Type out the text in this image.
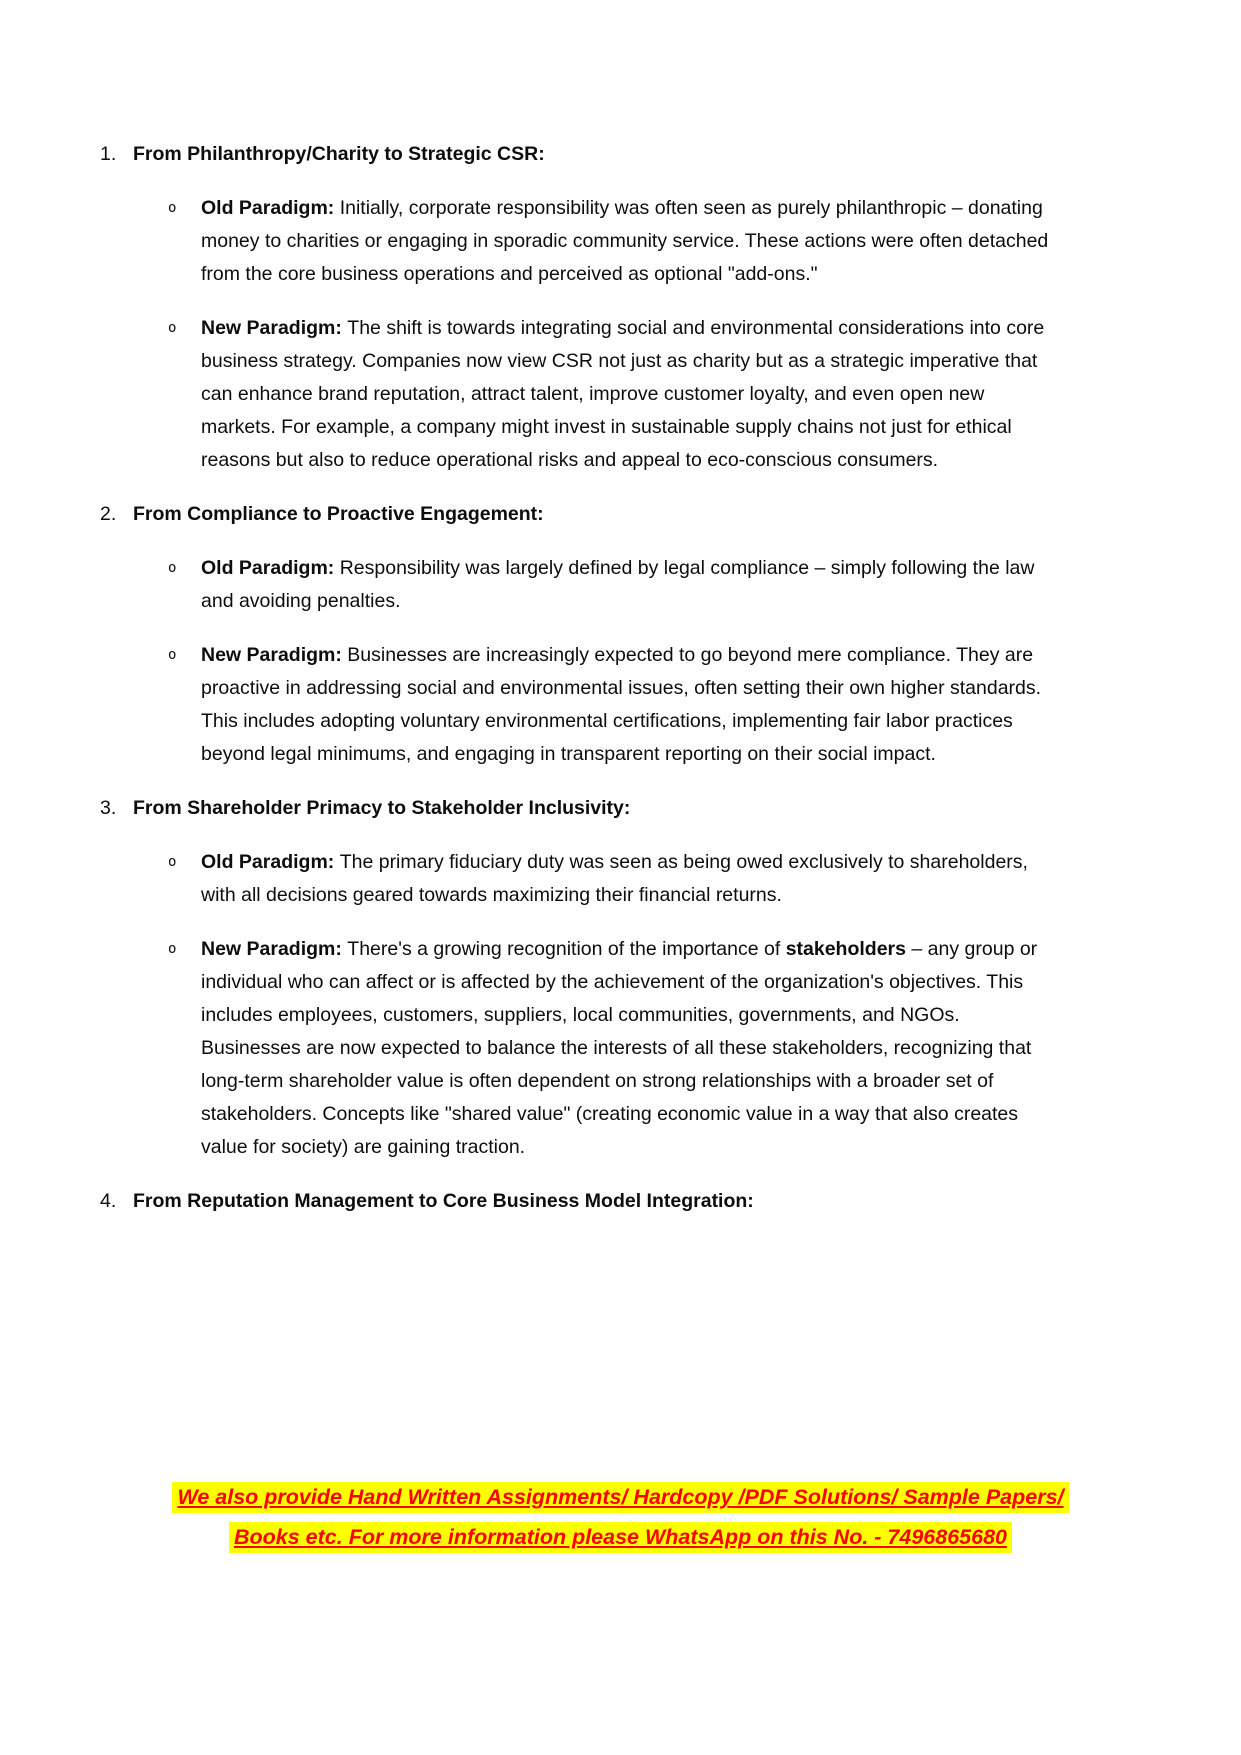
1. From Philanthropy/Charity to Strategic CSR:
o	Old Paradigm: Initially, corporate responsibility was often seen as purely philanthropic – donating money to charities or engaging in sporadic community service. These actions were often detached from the core business operations and perceived as optional "add-ons."
o	New Paradigm: The shift is towards integrating social and environmental considerations into core business strategy. Companies now view CSR not just as charity but as a strategic imperative that can enhance brand reputation, attract talent, improve customer loyalty, and even open new markets. For example, a company might invest in sustainable supply chains not just for ethical reasons but also to reduce operational risks and appeal to eco-conscious consumers.
2. From Compliance to Proactive Engagement:
o	Old Paradigm: Responsibility was largely defined by legal compliance – simply following the law and avoiding penalties.
o	New Paradigm: Businesses are increasingly expected to go beyond mere compliance. They are proactive in addressing social and environmental issues, often setting their own higher standards. This includes adopting voluntary environmental certifications, implementing fair labor practices beyond legal minimums, and engaging in transparent reporting on their social impact.
3. From Shareholder Primacy to Stakeholder Inclusivity:
o	Old Paradigm: The primary fiduciary duty was seen as being owed exclusively to shareholders, with all decisions geared towards maximizing their financial returns.
o	New Paradigm: There's a growing recognition of the importance of stakeholders – any group or individual who can affect or is affected by the achievement of the organization's objectives. This includes employees, customers, suppliers, local communities, governments, and NGOs. Businesses are now expected to balance the interests of all these stakeholders, recognizing that long-term shareholder value is often dependent on strong relationships with a broader set of stakeholders. Concepts like "shared value" (creating economic value in a way that also creates value for society) are gaining traction.
4. From Reputation Management to Core Business Model Integration:
We also provide Hand Written Assignments/ Hardcopy /PDF Solutions/ Sample Papers/
Books etc. For more information please WhatsApp on this No. - 7496865680
